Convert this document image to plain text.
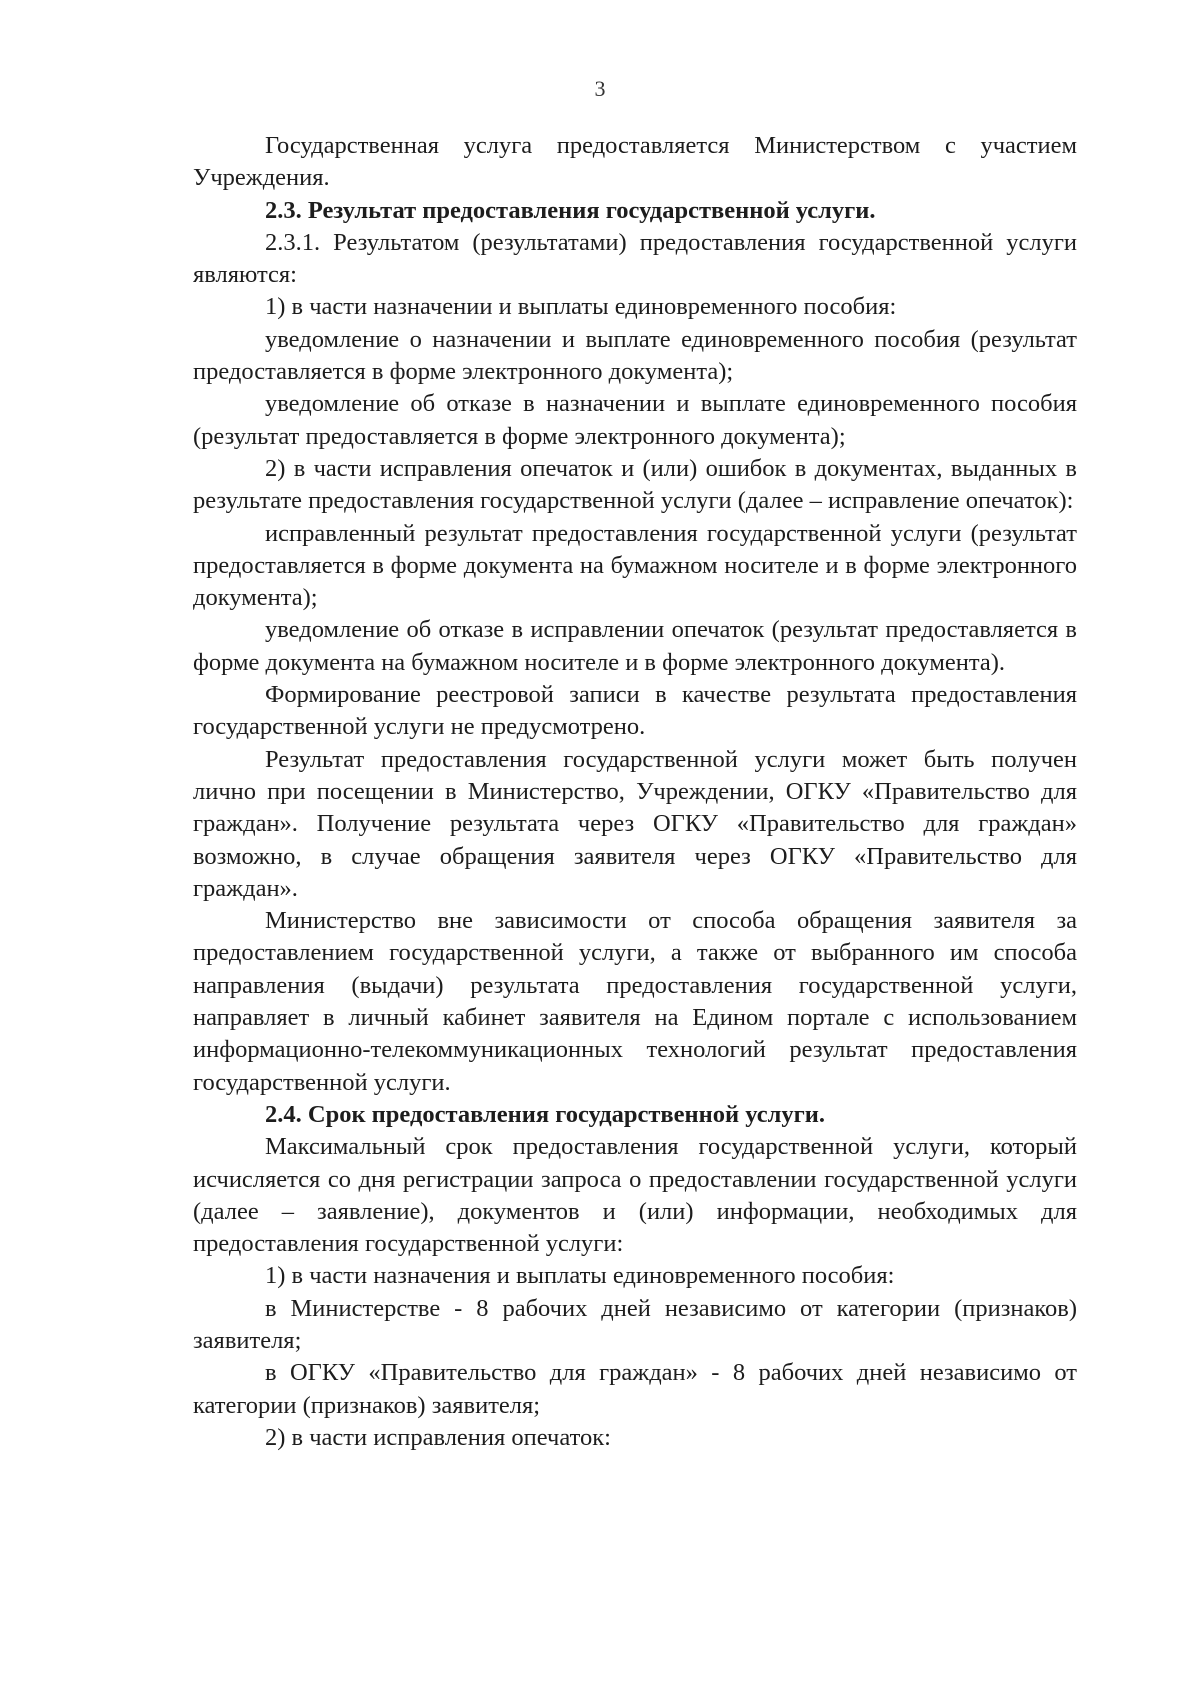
3

Государственная услуга предоставляется Министерством с участием Учреждения.

2.3. Результат предоставления государственной услуги.

2.3.1. Результатом (результатами) предоставления государственной услуги являются:

1) в части назначении и выплаты единовременного пособия:

уведомление о назначении и выплате единовременного пособия (результат предоставляется в форме электронного документа);

уведомление об отказе в назначении и выплате единовременного пособия (результат предоставляется в форме электронного документа);

2) в части исправления опечаток и (или) ошибок в документах, выданных в результате предоставления государственной услуги (далее – исправление опечаток):

исправленный результат предоставления государственной услуги (результат предоставляется в форме документа на бумажном носителе и в форме электронного документа);

уведомление об отказе в исправлении опечаток (результат предоставляется в форме документа на бумажном носителе и в форме электронного документа).

Формирование реестровой записи в качестве результата предоставления государственной услуги не предусмотрено.

Результат предоставления государственной услуги может быть получен лично при посещении в Министерство, Учреждении, ОГКУ «Правительство для граждан». Получение результата через ОГКУ «Правительство для граждан» возможно, в случае обращения заявителя через ОГКУ «Правительство для граждан».

Министерство вне зависимости от способа обращения заявителя за предоставлением государственной услуги, а также от выбранного им способа направления (выдачи) результата предоставления государственной услуги, направляет в личный кабинет заявителя на Едином портале с использованием информационно-телекоммуникационных технологий результат предоставления государственной услуги.

2.4. Срок предоставления государственной услуги.

Максимальный срок предоставления государственной услуги, который исчисляется со дня регистрации запроса о предоставлении государственной услуги (далее – заявление), документов и (или) информации, необходимых для предоставления государственной услуги:

1) в части назначения и выплаты единовременного пособия:

в Министерстве - 8 рабочих дней независимо от категории (признаков) заявителя;

в ОГКУ «Правительство для граждан» - 8 рабочих дней независимо от категории (признаков) заявителя;

2) в части исправления опечаток:
